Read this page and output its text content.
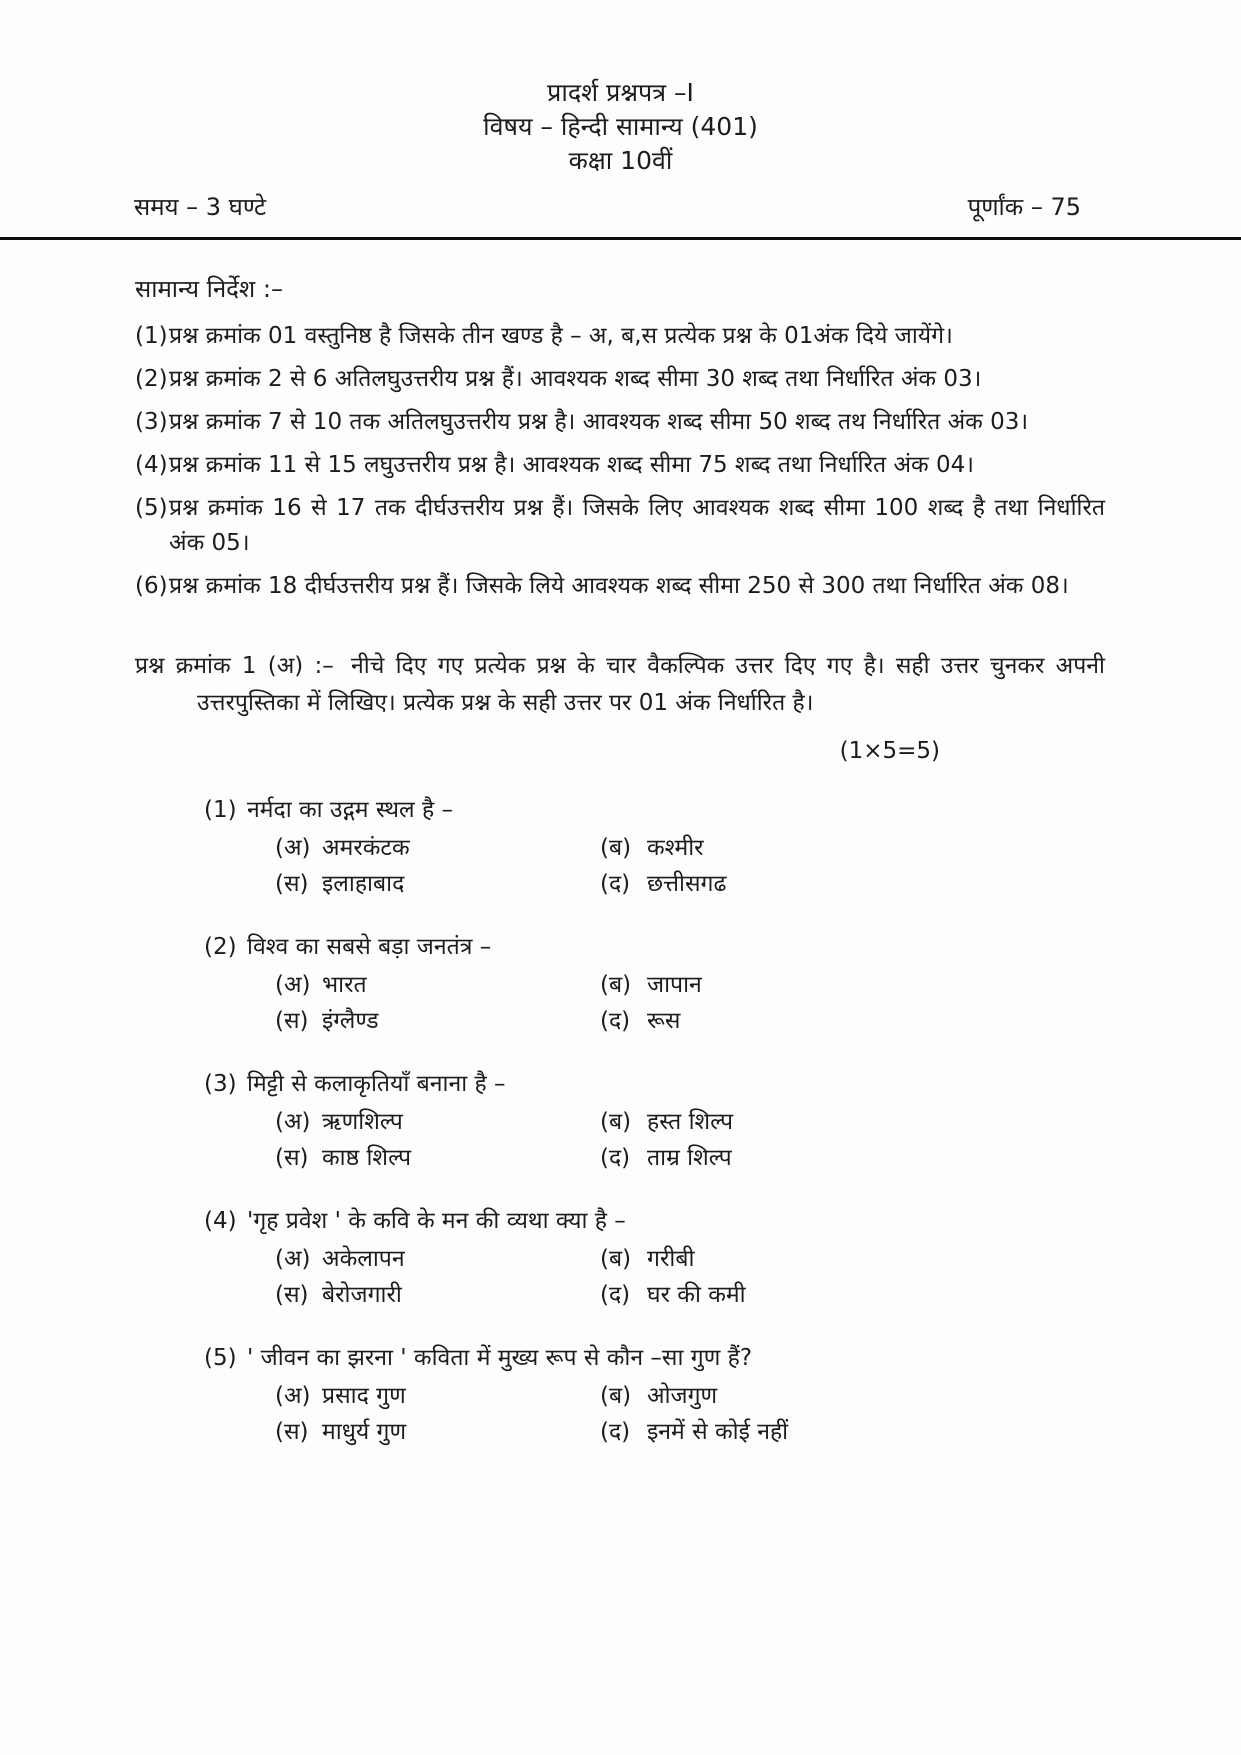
प्रादर्श प्रश्नपत्र –I
विषय – हिन्दी सामान्य (401)
कक्षा 10वीं
समय – 3 घण्टे	पूर्णांक – 75
सामान्य निर्देश :–
(1) प्रश्न क्रमांक 01 वस्तुनिष्ठ है जिसके तीन खण्ड है – अ, ब,स प्रत्येक प्रश्न के 01अंक दिये जायेंगे।
(2) प्रश्न क्रमांक 2 से 6 अतिलघुउत्तरीय प्रश्न हैं। आवश्यक शब्द सीमा 30 शब्द तथा निर्धारित अंक 03।
(3) प्रश्न क्रमांक 7 से 10 तक अतिलघुउत्तरीय प्रश्न है। आवश्यक शब्द सीमा 50 शब्द तथ निर्धारित अंक 03।
(4) प्रश्न क्रमांक 11 से 15 लघुउत्तरीय प्रश्न है। आवश्यक शब्द सीमा 75 शब्द तथा निर्धारित अंक 04।
(5) प्रश्न क्रमांक 16 से 17 तक दीर्घउत्तरीय प्रश्न हैं। जिसके लिए आवश्यक शब्द सीमा 100 शब्द है तथा निर्धारित अंक 05।
(6) प्रश्न क्रमांक 18 दीर्घउत्तरीय प्रश्न हैं। जिसके लिये आवश्यक शब्द सीमा 250 से 300 तथा निर्धारित अंक 08।

प्रश्न क्रमांक 1 (अ) :– नीचे दिए गए प्रत्येक प्रश्न के चार वैकल्पिक उत्तर दिए गए है। सही उत्तर चुनकर अपनी उत्तरपुस्तिका में लिखिए। प्रत्येक प्रश्न के सही उत्तर पर 01 अंक निर्धारित है।

(1×5=5)
(1) नर्मदा का उद्गम स्थल है –
(अ) अमरकंटक	(ब) कश्मीर
(स) इलाहाबाद	(द) छत्तीसगढ
(2) विश्व का सबसे बड़ा जनतंत्र –
(अ) भारत	(ब) जापान
(स) इंग्लैण्ड	(द) रूस
(3) मिट्टी से कलाकृतियाँ बनाना है –
(अ) ऋणशिल्प	(ब) हस्त शिल्प
(स) काष्ठ शिल्प	(द) ताम्र शिल्प
(4) 'गृह प्रवेश ' के कवि के मन की व्यथा क्या है –
(अ) अकेलापन	(ब) गरीबी
(स) बेरोजगारी	(द) घर की कमी
(5) ' जीवन का झरना ' कविता में मुख्य रूप से कौन –सा गुण हैं?
(अ) प्रसाद गुण	(ब) ओजगुण
(स) माधुर्य गुण	(द) इनमें से कोई नहीं
